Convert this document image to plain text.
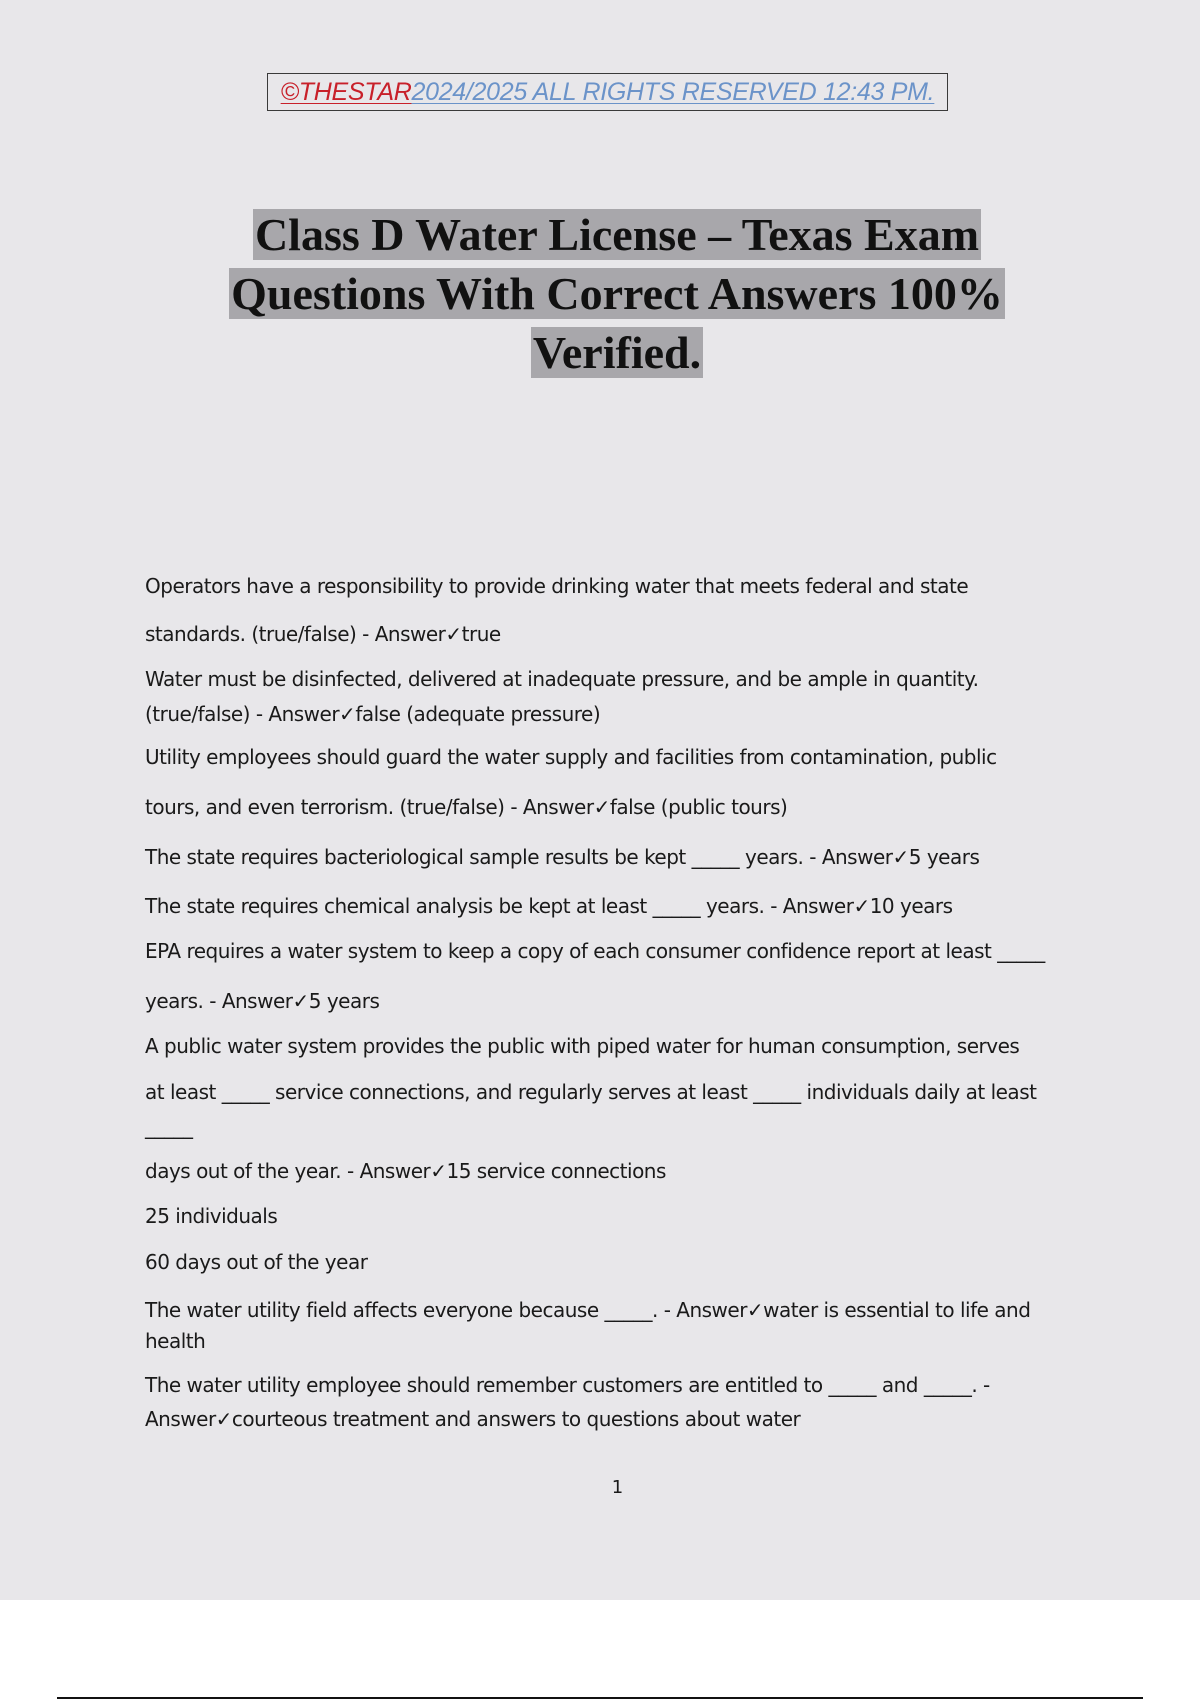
©THESTAR 2024/2025 ALL RIGHTS RESERVED 12:43 PM.
Class D Water License – Texas Exam
Questions With Correct Answers 100%
Verified.
Operators have a responsibility to provide drinking water that meets federal and state
standards. (true/false) - Answer✓true
Water must be disinfected, delivered at inadequate pressure, and be ample in quantity.
(true/false) - Answer✓false (adequate pressure)
Utility employees should guard the water supply and facilities from contamination, public
tours, and even terrorism. (true/false) - Answer✓false (public tours)
The state requires bacteriological sample results be kept _____ years. - Answer✓5 years
The state requires chemical analysis be kept at least _____ years. - Answer✓10 years
EPA requires a water system to keep a copy of each consumer confidence report at least _____
years. - Answer✓5 years
A public water system provides the public with piped water for human consumption, serves
at least _____ service connections, and regularly serves at least _____ individuals daily at least
_____
days out of the year. - Answer✓15 service connections
25 individuals
60 days out of the year
The water utility field affects everyone because _____. - Answer✓water is essential to life and
health
The water utility employee should remember customers are entitled to _____ and _____. -
Answer✓courteous treatment and answers to questions about water
1
